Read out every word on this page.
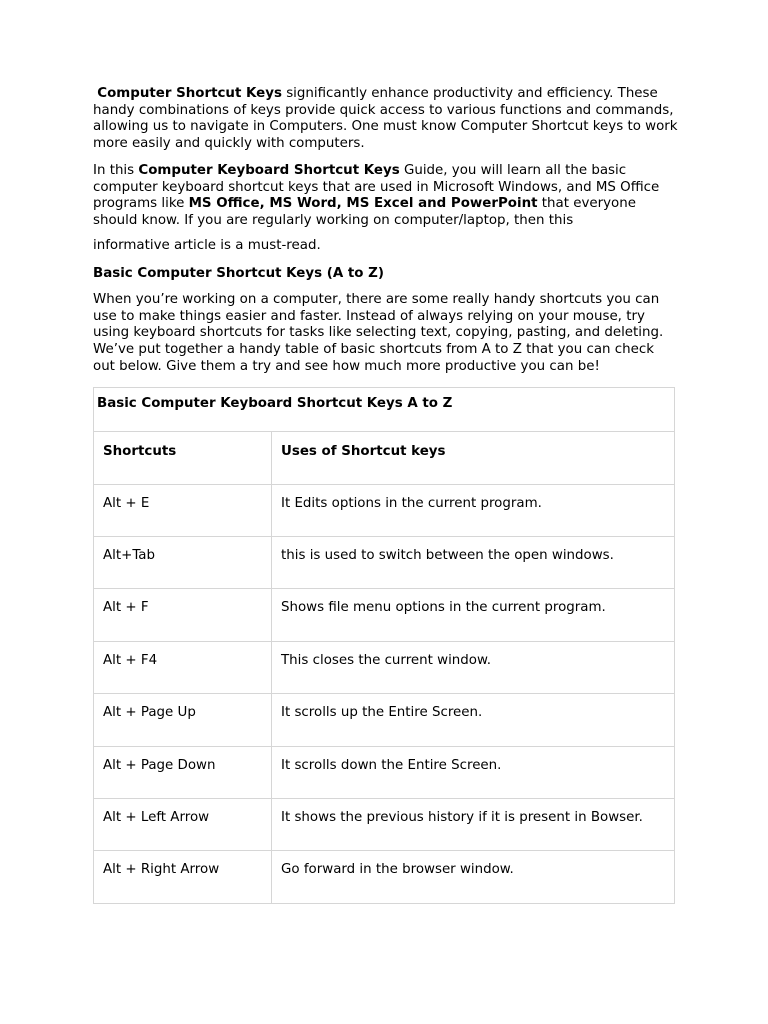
Computer Shortcut Keys significantly enhance productivity and efficiency. These handy combinations of keys provide quick access to various functions and commands, allowing us to navigate in Computers. One must know Computer Shortcut keys to work more easily and quickly with computers.

In this Computer Keyboard Shortcut Keys Guide, you will learn all the basic computer keyboard shortcut keys that are used in Microsoft Windows, and MS Office programs like MS Office, MS Word, MS Excel and PowerPoint that everyone should know. If you are regularly working on computer/laptop, then this

informative article is a must-read.

Basic Computer Shortcut Keys (A to Z)

When you’re working on a computer, there are some really handy shortcuts you can use to make things easier and faster. Instead of always relying on your mouse, try using keyboard shortcuts for tasks like selecting text, copying, pasting, and deleting. We’ve put together a handy table of basic shortcuts from A to Z that you can check out below. Give them a try and see how much more productive you can be!

Basic Computer Keyboard Shortcut Keys A to Z	
Shortcuts	Uses of Shortcut keys
Alt + E	It Edits options in the current program.
Alt+Tab	this is used to switch between the open windows.
Alt + F	Shows file menu options in the current program.
Alt + F4	This closes the current window.
Alt + Page Up	It scrolls up the Entire Screen.
Alt + Page Down	It scrolls down the Entire Screen.
Alt + Left Arrow	It shows the previous history if it is present in Bowser.
Alt + Right Arrow	Go forward in the browser window.
